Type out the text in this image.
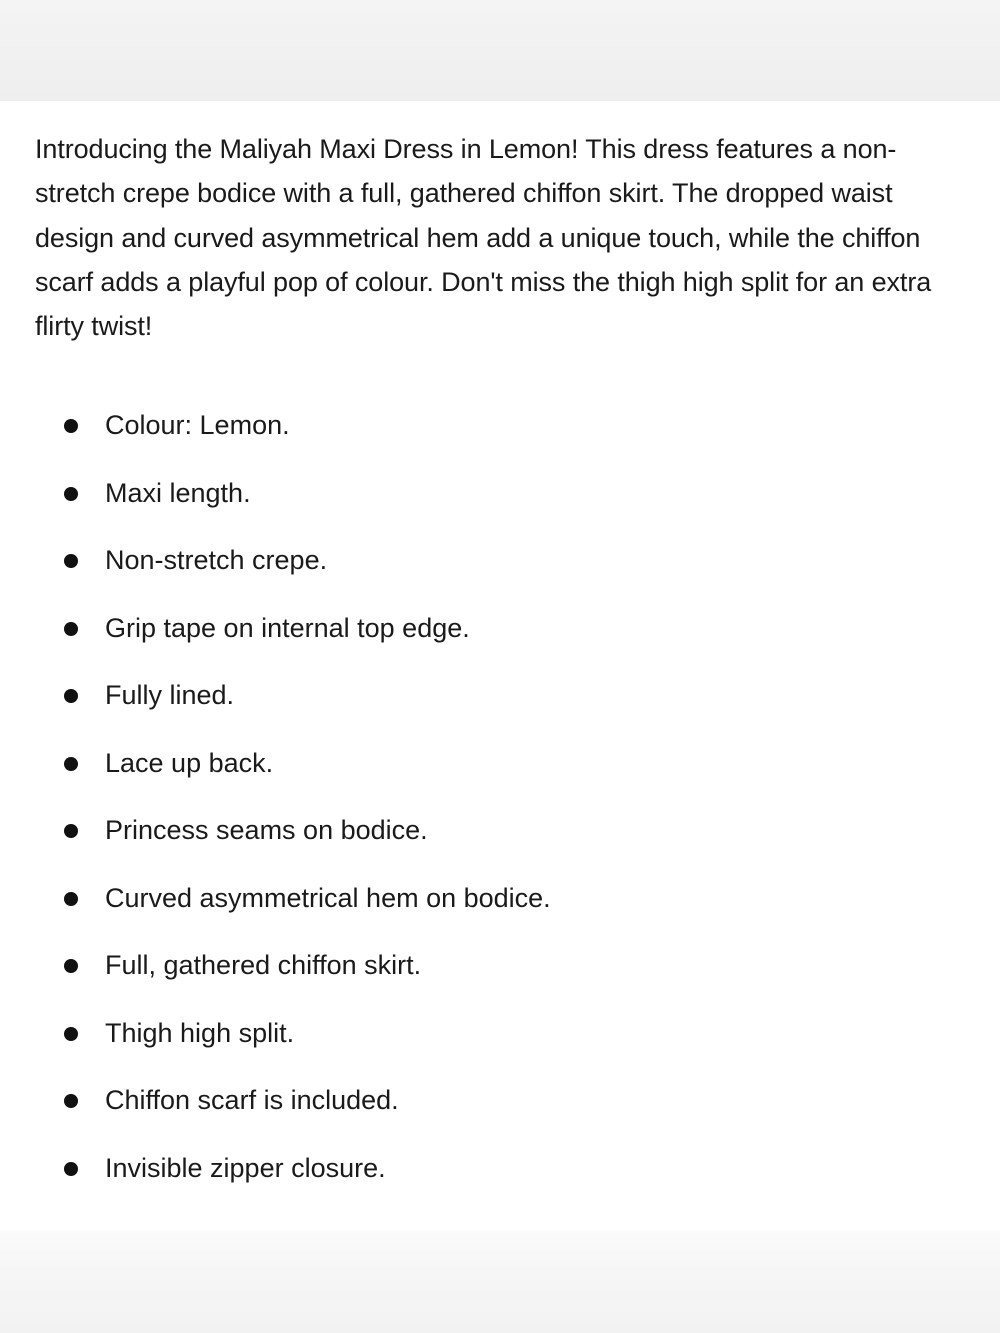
Introducing the Maliyah Maxi Dress in Lemon! This dress features a non-stretch crepe bodice with a full, gathered chiffon skirt. The dropped waist design and curved asymmetrical hem add a unique touch, while the chiffon scarf adds a playful pop of colour. Don't miss the thigh high split for an extra flirty twist!

Colour: Lemon.
Maxi length.
Non-stretch crepe.
Grip tape on internal top edge.
Fully lined.
Lace up back.
Princess seams on bodice.
Curved asymmetrical hem on bodice.
Full, gathered chiffon skirt.
Thigh high split.
Chiffon scarf is included.
Invisible zipper closure.
